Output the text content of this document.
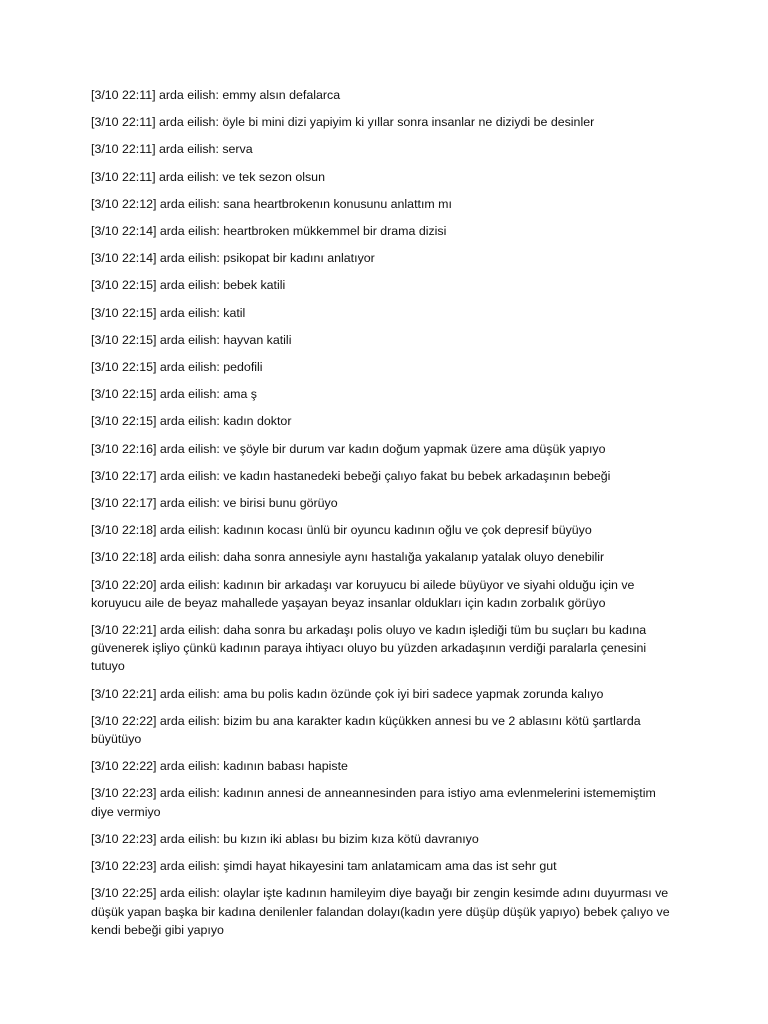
[3/10 22:11] arda eilish: emmy alsın defalarca
[3/10 22:11] arda eilish: öyle bi mini dizi yapiyim ki yıllar sonra insanlar ne diziydi be desinler
[3/10 22:11] arda eilish: serva
[3/10 22:11] arda eilish: ve tek sezon olsun
[3/10 22:12] arda eilish: sana heartbrokenın konusunu anlattım mı
[3/10 22:14] arda eilish: heartbroken mükkemmel bir drama dizisi
[3/10 22:14] arda eilish: psikopat bir kadını anlatıyor
[3/10 22:15] arda eilish: bebek katili
[3/10 22:15] arda eilish: katil
[3/10 22:15] arda eilish: hayvan katili
[3/10 22:15] arda eilish: pedofili
[3/10 22:15] arda eilish: ama ş
[3/10 22:15] arda eilish: kadın doktor
[3/10 22:16] arda eilish: ve şöyle bir durum var kadın doğum yapmak üzere ama düşük yapıyo
[3/10 22:17] arda eilish: ve kadın hastanedeki bebeği çalıyo fakat bu bebek arkadaşının bebeği
[3/10 22:17] arda eilish: ve birisi bunu görüyo
[3/10 22:18] arda eilish: kadının kocası ünlü bir oyuncu kadının oğlu ve çok depresif büyüyo
[3/10 22:18] arda eilish: daha sonra annesiyle aynı hastalığa yakalanıp yatalak oluyo denebilir
[3/10 22:20] arda eilish: kadının bir arkadaşı var koruyucu bi ailede büyüyor ve siyahi olduğu için ve koruyucu aile de beyaz mahallede yaşayan beyaz insanlar oldukları için kadın zorbalık görüyo
[3/10 22:21] arda eilish: daha sonra bu arkadaşı polis oluyo ve kadın işlediği tüm bu suçları bu kadına güvenerek işliyo çünkü kadının paraya ihtiyacı oluyo bu yüzden arkadaşının verdiği paralarla çenesini tutuyo
[3/10 22:21] arda eilish: ama bu polis kadın özünde çok iyi biri sadece yapmak zorunda kalıyo
[3/10 22:22] arda eilish: bizim bu ana karakter kadın küçükken annesi bu ve 2 ablasını kötü şartlarda büyütüyo
[3/10 22:22] arda eilish: kadının babası hapiste
[3/10 22:23] arda eilish: kadının annesi de anneannesinden para istiyo ama evlenmelerini istememiştim diye vermiyo
[3/10 22:23] arda eilish: bu kızın iki ablası bu bizim kıza kötü davranıyo
[3/10 22:23] arda eilish: şimdi hayat hikayesini tam anlatamicam ama das ist sehr gut
[3/10 22:25] arda eilish: olaylar işte kadının hamileyim diye bayağı bir zengin kesimde adını duyurması ve düşük yapan başka bir kadına denilenler falandan dolayı(kadın yere düşüp düşük yapıyo) bebek çalıyo ve kendi bebeği gibi yapıyo
